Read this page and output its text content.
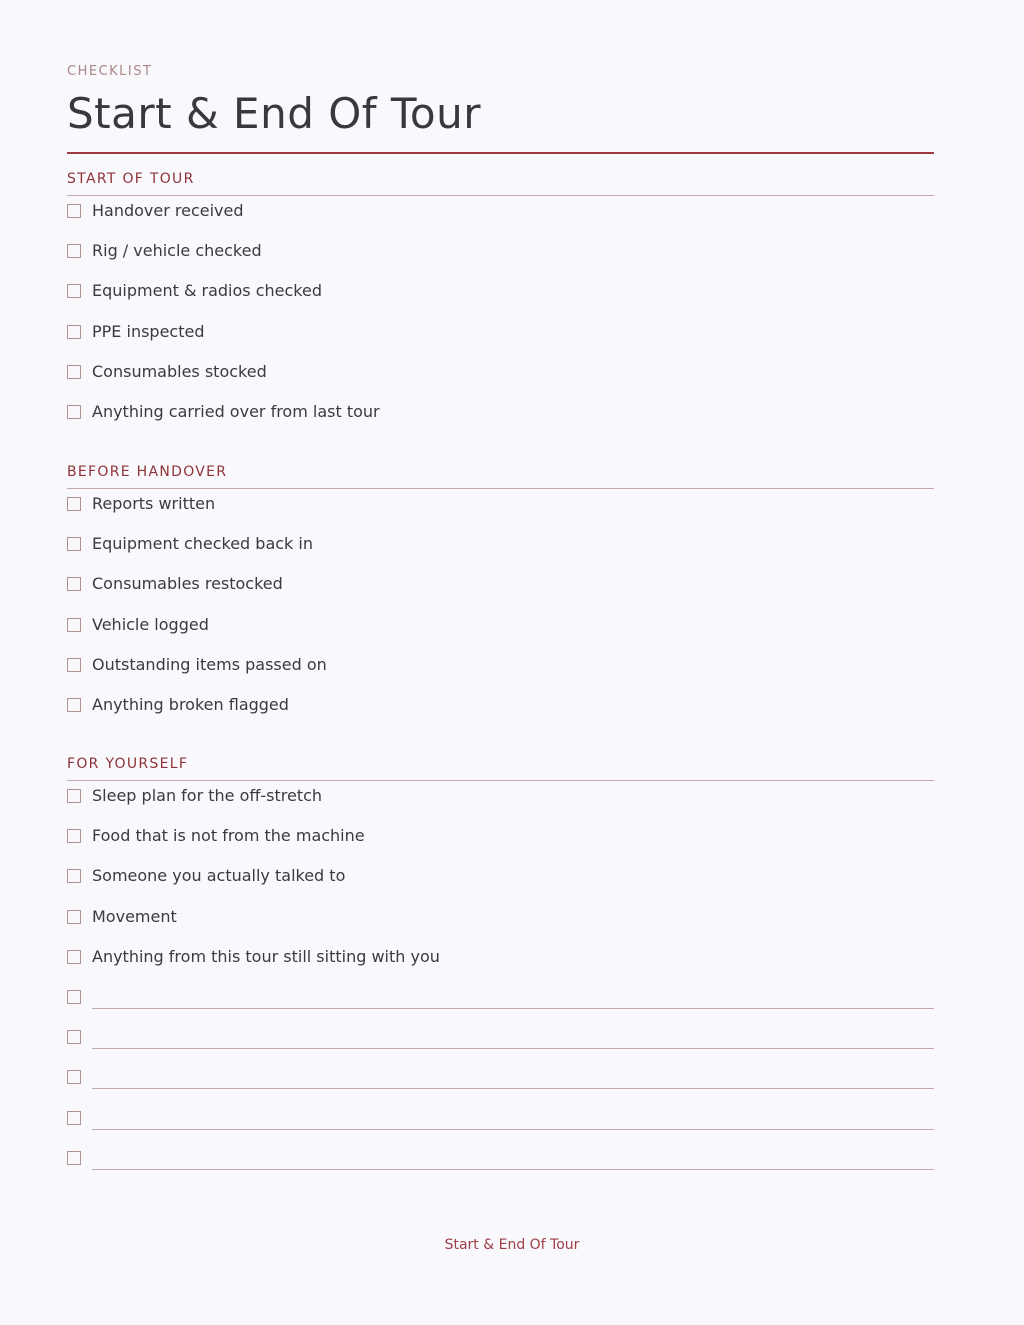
CHECKLIST
Start & End Of Tour
START OF TOUR
Handover received
Rig / vehicle checked
Equipment & radios checked
PPE inspected
Consumables stocked
Anything carried over from last tour
BEFORE HANDOVER
Reports written
Equipment checked back in
Consumables restocked
Vehicle logged
Outstanding items passed on
Anything broken flagged
FOR YOURSELF
Sleep plan for the off-stretch
Food that is not from the machine
Someone you actually talked to
Movement
Anything from this tour still sitting with you
Start & End Of Tour
